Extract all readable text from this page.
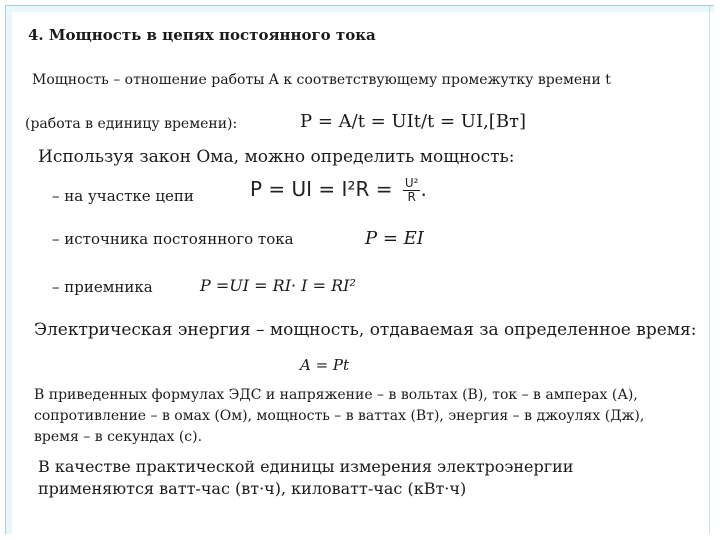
4. Мощность в цепях постоянного тока
Мощность – отношение работы A к соответствующему промежутку времени t
(работа в единицу времени):	P = A/t = UIt/t = UI,[Вт]
Используя закон Ома, можно определить мощность:
– на участке цепи	P = UI = $I^2R = \frac{\text{U²}}{R}$ .
– источника постоянного тока	P = EI
– приемника	P =UI = RI· I = RI²
Электрическая энергия – мощность, отдаваемая за определенное время:
A = Pt
В приведенных формулах ЭДС и напряжение – в вольтах (В), ток – в амперах (А), сопротивление – в омах (Ом), мощность – в ваттах (Вт), энергия – в джоулях (Дж), время – в секундах (с).
В качестве практической единицы измерения электроэнергии применяются ватт-час (вт·ч), киловатт-час (кВт·ч)
